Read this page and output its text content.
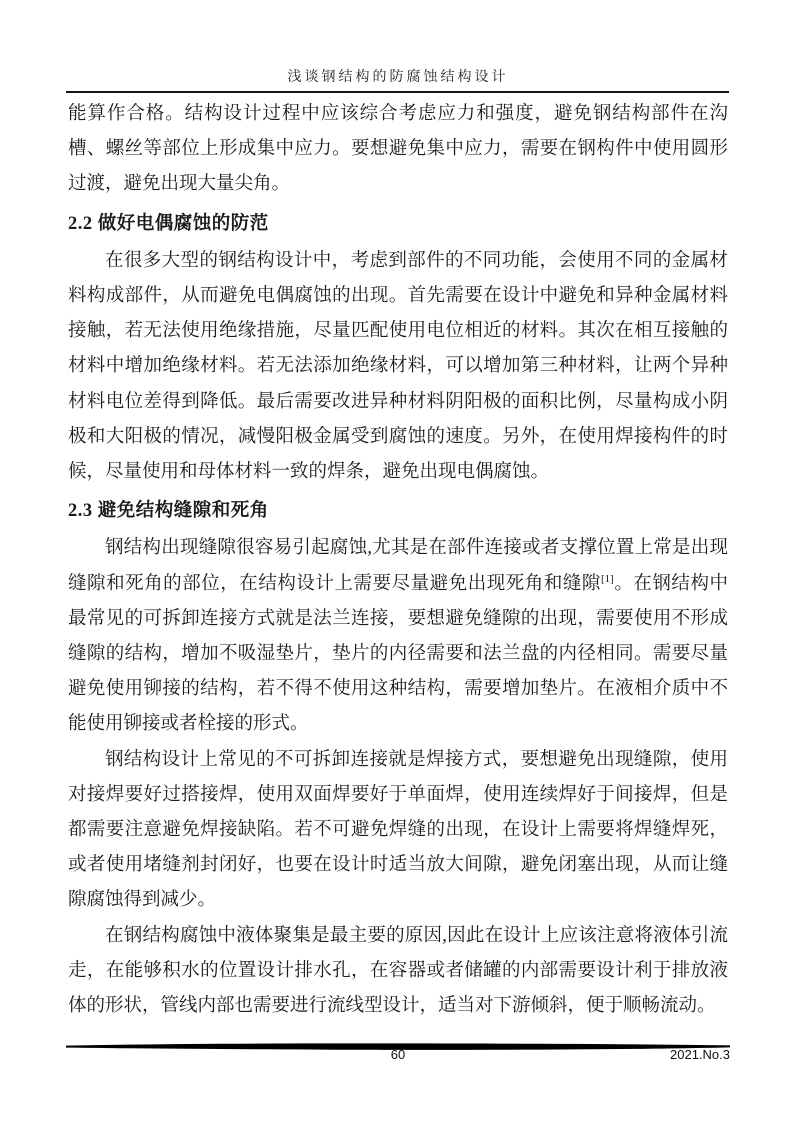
浅谈钢结构的防腐蚀结构设计

能算作合格。结构设计过程中应该综合考虑应力和强度，避免钢结构部件在沟槽、螺丝等部位上形成集中应力。要想避免集中应力，需要在钢构件中使用圆形过渡，避免出现大量尖角。

2.2 做好电偶腐蚀的防范

在很多大型的钢结构设计中，考虑到部件的不同功能，会使用不同的金属材料构成部件，从而避免电偶腐蚀的出现。首先需要在设计中避免和异种金属材料接触，若无法使用绝缘措施，尽量匹配使用电位相近的材料。其次在相互接触的材料中增加绝缘材料。若无法添加绝缘材料，可以增加第三种材料，让两个异种材料电位差得到降低。最后需要改进异种材料阴阳极的面积比例，尽量构成小阴极和大阳极的情况，减慢阳极金属受到腐蚀的速度。另外，在使用焊接构件的时候，尽量使用和母体材料一致的焊条，避免出现电偶腐蚀。

2.3 避免结构缝隙和死角

钢结构出现缝隙很容易引起腐蚀,尤其是在部件连接或者支撑位置上常是出现缝隙和死角的部位，在结构设计上需要尽量避免出现死角和缝隙[1]。在钢结构中最常见的可拆卸连接方式就是法兰连接，要想避免缝隙的出现，需要使用不形成缝隙的结构，增加不吸湿垫片，垫片的内径需要和法兰盘的内径相同。需要尽量避免使用铆接的结构，若不得不使用这种结构，需要增加垫片。在液相介质中不能使用铆接或者栓接的形式。

钢结构设计上常见的不可拆卸连接就是焊接方式，要想避免出现缝隙，使用对接焊要好过搭接焊，使用双面焊要好于单面焊，使用连续焊好于间接焊，但是都需要注意避免焊接缺陷。若不可避免焊缝的出现，在设计上需要将焊缝焊死，或者使用堵缝剂封闭好，也要在设计时适当放大间隙，避免闭塞出现，从而让缝隙腐蚀得到减少。

在钢结构腐蚀中液体聚集是最主要的原因,因此在设计上应该注意将液体引流走，在能够积水的位置设计排水孔，在容器或者储罐的内部需要设计利于排放液体的形状，管线内部也需要进行流线型设计，适当对下游倾斜，便于顺畅流动。

60	2021.No.3
